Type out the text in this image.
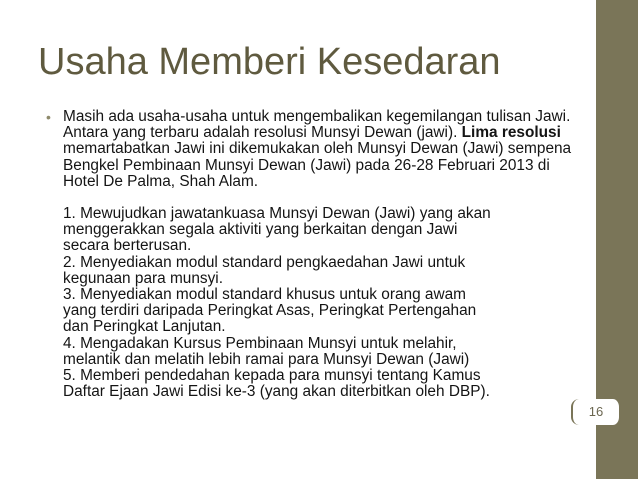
Usaha Memberi Kesedaran
• Masih ada usaha-usaha untuk mengembalikan kegemilangan tulisan Jawi. Antara yang terbaru adalah resolusi Munsyi Dewan (jawi). Lima resolusi memartabatkan Jawi ini dikemukakan oleh Munsyi Dewan (Jawi) sempena Bengkel Pembinaan Munsyi Dewan (Jawi) pada 26-28 Februari 2013 di Hotel De Palma, Shah Alam.

1. Mewujudkan jawatankuasa Munsyi Dewan (Jawi) yang akan

menggerakkan segala aktiviti yang berkaitan dengan Jawi

secara berterusan.

2. Menyediakan modul standard pengkaedahan Jawi untuk

kegunaan para munsyi.

3. Menyediakan modul standard khusus untuk orang awam

yang terdiri daripada Peringkat Asas, Peringkat Pertengahan

dan Peringkat Lanjutan.

4. Mengadakan Kursus Pembinaan Munsyi untuk melahir,

melantik dan melatih lebih ramai para Munsyi Dewan (Jawi)

5. Memberi pendedahan kepada para munsyi tentang Kamus

Daftar Ejaan Jawi Edisi ke-3 (yang akan diterbitkan oleh DBP).

16
